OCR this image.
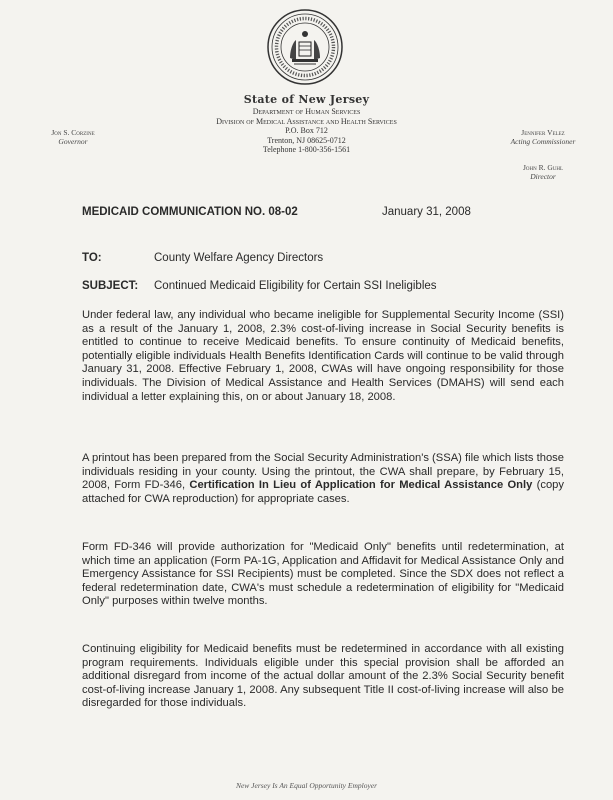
State of New Jersey
Department of Human Services
Division of Medical Assistance and Health Services
P.O. Box 712
Trenton, NJ 08625-0712
Telephone 1-800-356-1561
Jon S. Corzine
Governor
Jennifer Velez
Acting Commissioner
John R. Guhl
Director
MEDICAID COMMUNICATION NO. 08-02	January 31, 2008
TO:	County Welfare Agency Directors
SUBJECT: Continued Medicaid Eligibility for Certain SSI Ineligibles
Under federal law, any individual who became ineligible for Supplemental Security Income (SSI) as a result of the January 1, 2008, 2.3% cost-of-living increase in Social Security benefits is entitled to continue to receive Medicaid benefits. To ensure continuity of Medicaid benefits, potentially eligible individuals Health Benefits Identification Cards will continue to be valid through January 31, 2008. Effective February 1, 2008, CWAs will have ongoing responsibility for those individuals. The Division of Medical Assistance and Health Services (DMAHS) will send each individual a letter explaining this, on or about January 18, 2008.
A printout has been prepared from the Social Security Administration's (SSA) file which lists those individuals residing in your county. Using the printout, the CWA shall prepare, by February 15, 2008, Form FD-346, Certification In Lieu of Application for Medical Assistance Only (copy attached for CWA reproduction) for appropriate cases.
Form FD-346 will provide authorization for "Medicaid Only" benefits until redetermination, at which time an application (Form PA-1G, Application and Affidavit for Medical Assistance Only and Emergency Assistance for SSI Recipients) must be completed. Since the SDX does not reflect a federal redetermination date, CWA's must schedule a redetermination of eligibility for "Medicaid Only" purposes within twelve months.
Continuing eligibility for Medicaid benefits must be redetermined in accordance with all existing program requirements. Individuals eligible under this special provision shall be afforded an additional disregard from income of the actual dollar amount of the 2.3% Social Security benefit cost-of-living increase January 1, 2008. Any subsequent Title II cost-of-living increase will also be disregarded for those individuals.
New Jersey Is An Equal Opportunity Employer
